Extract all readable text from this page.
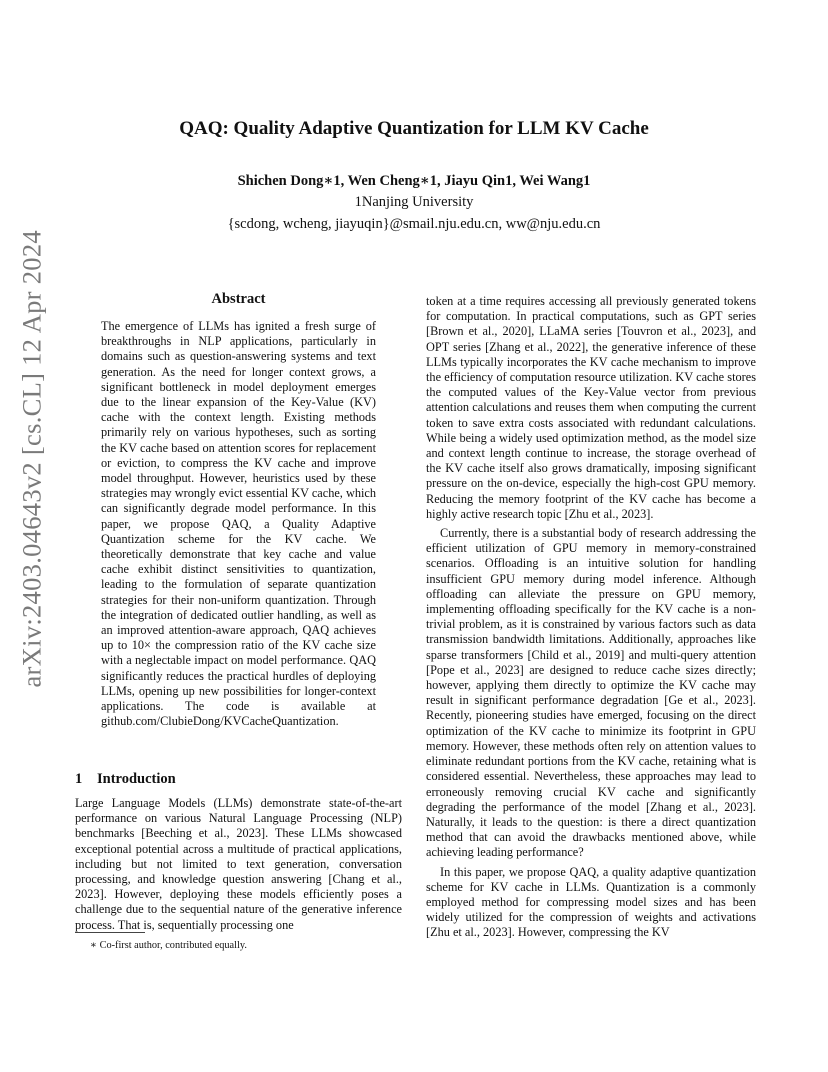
arXiv:2403.04643v2 [cs.CL] 12 Apr 2024
QAQ: Quality Adaptive Quantization for LLM KV Cache
Shichen Dong∗1, Wen Cheng∗1, Jiayu Qin1, Wei Wang1
1Nanjing University
{scdong, wcheng, jiayuqin}@smail.nju.edu.cn, ww@nju.edu.cn
Abstract

The emergence of LLMs has ignited a fresh surge of breakthroughs in NLP applications, particularly in domains such as question-answering systems and text generation. As the need for longer context grows, a significant bottleneck in model deployment emerges due to the linear expansion of the Key-Value (KV) cache with the context length. Existing methods primarily rely on various hypotheses, such as sorting the KV cache based on attention scores for replacement or eviction, to compress the KV cache and improve model throughput. However, heuristics used by these strategies may wrongly evict essential KV cache, which can significantly degrade model performance. In this paper, we propose QAQ, a Quality Adaptive Quantization scheme for the KV cache. We theoretically demonstrate that key cache and value cache exhibit distinct sensitivities to quantization, leading to the formulation of separate quantization strategies for their non-uniform quantization. Through the integration of dedicated outlier handling, as well as an improved attention-aware approach, QAQ achieves up to 10× the compression ratio of the KV cache size with a neglectable impact on model performance. QAQ significantly reduces the practical hurdles of deploying LLMs, opening up new possibilities for longer-context applications. The code is available at github.com/ClubieDong/KVCacheQuantization.

1 Introduction

Large Language Models (LLMs) demonstrate state-of-the-art performance on various Natural Language Processing (NLP) benchmarks [Beeching et al., 2023]. These LLMs showcased exceptional potential across a multitude of practical applications, including but not limited to text generation, conversation processing, and knowledge question answering [Chang et al., 2023]. However, deploying these models efficiently poses a challenge due to the sequential nature of the generative inference process. That is, sequentially processing one

token at a time requires accessing all previously generated tokens for computation. In practical computations, such as GPT series [Brown et al., 2020], LLaMA series [Touvron et al., 2023], and OPT series [Zhang et al., 2022], the generative inference of these LLMs typically incorporates the KV cache mechanism to improve the efficiency of computation resource utilization. KV cache stores the computed values of the Key-Value vector from previous attention calculations and reuses them when computing the current token to save extra costs associated with redundant calculations. While being a widely used optimization method, as the model size and context length continue to increase, the storage overhead of the KV cache itself also grows dramatically, imposing significant pressure on the on-device, especially the high-cost GPU memory. Reducing the memory footprint of the KV cache has become a highly active research topic [Zhu et al., 2023].

Currently, there is a substantial body of research addressing the efficient utilization of GPU memory in memory-constrained scenarios. Offloading is an intuitive solution for handling insufficient GPU memory during model inference. Although offloading can alleviate the pressure on GPU memory, implementing offloading specifically for the KV cache is a non-trivial problem, as it is constrained by various factors such as data transmission bandwidth limitations. Additionally, approaches like sparse transformers [Child et al., 2019] and multi-query attention [Pope et al., 2023] are designed to reduce cache sizes directly; however, applying them directly to optimize the KV cache may result in significant performance degradation [Ge et al., 2023]. Recently, pioneering studies have emerged, focusing on the direct optimization of the KV cache to minimize its footprint in GPU memory. However, these methods often rely on attention values to eliminate redundant portions from the KV cache, retaining what is considered essential. Nevertheless, these approaches may lead to erroneously removing crucial KV cache and significantly degrading the performance of the model [Zhang et al., 2023]. Naturally, it leads to the question: is there a direct quantization method that can avoid the drawbacks mentioned above, while achieving leading performance?

In this paper, we propose QAQ, a quality adaptive quantization scheme for KV cache in LLMs. Quantization is a commonly employed method for compressing model sizes and has been widely utilized for the compression of weights and activations [Zhu et al., 2023]. However, compressing the KV

∗ Co-first author, contributed equally.
